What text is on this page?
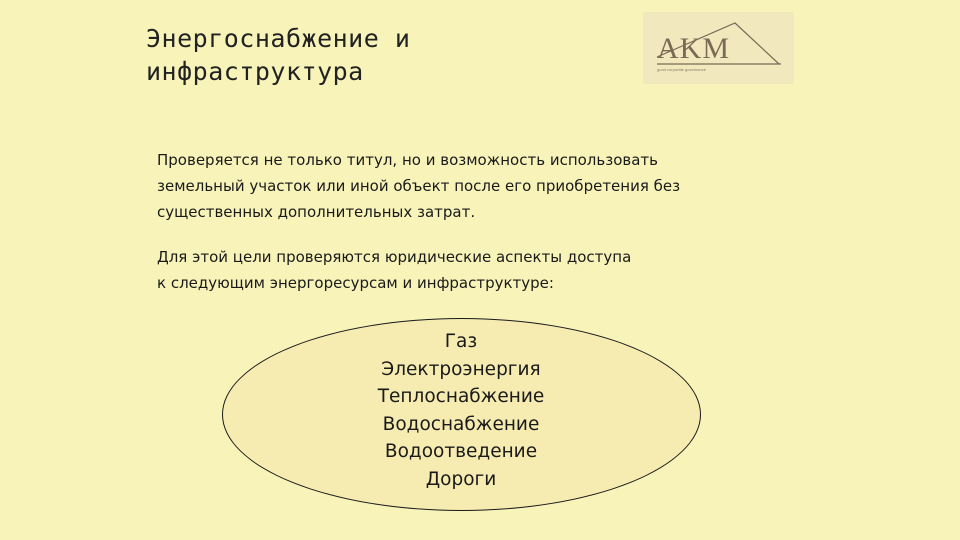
Энергоснабжение и
инфраструктура
AKM
good corporate governance
Проверяется не только титул, но и возможность использовать
земельный участок или иной объект после его приобретения без
существенных дополнительных затрат.
Для этой цели проверяются юридические аспекты доступа
к следующим энергоресурсам и инфраструктуре:
Газ
Электроэнергия
Теплоснабжение
Водоснабжение
Водоотведение
Дороги
